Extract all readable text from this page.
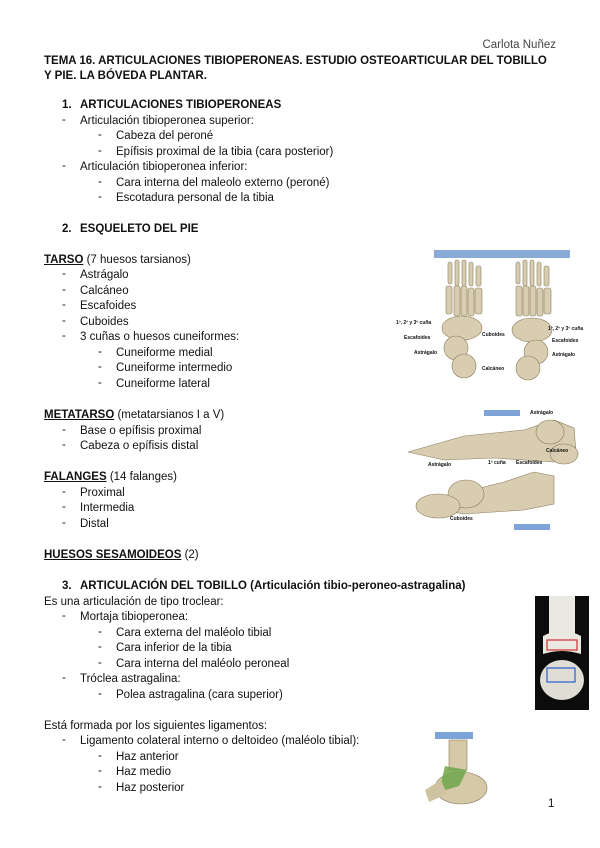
Carlota Nuñez
TEMA 16. ARTICULACIONES TIBIOPERONEAS. ESTUDIO OSTEOARTICULAR DEL TOBILLO
Y PIE. LA BÓVEDA PLANTAR.
1. ARTICULACIONES TIBIOPERONEAS
- Articulación tibioperonea superior:
- Cabeza del peroné
- Epífisis proximal de la tibia (cara posterior)
- Articulación tibioperonea inferior:
- Cara interna del maleolo externo (peroné)
- Escotadura personal de la tibia
2. ESQUELETO DEL PIE
TARSO (7 huesos tarsianos)
- Astrágalo
- Calcáneo
- Escafoides
- Cuboides
- 3 cuñas o huesos cuneiformes:
- Cuneiforme medial
- Cuneiforme intermedio
- Cuneiforme lateral
METATARSO (metatarsianos I a V)
- Base o epífisis proximal
- Cabeza o epífisis distal
FALANGES (14 falanges)
- Proximal
- Intermedia
- Distal
HUESOS SESAMOIDEOS (2)
3. ARTICULACIÓN DEL TOBILLO (Articulación tibio-peroneo-astragalina)
Es una articulación de tipo troclear:
- Mortaja tibioperonea:
- Cara externa del maléolo tibial
- Cara inferior de la tibia
- Cara interna del maléolo peroneal
- Tróclea astragalina:
- Polea astragalina (cara superior)
Está formada por los siguientes ligamentos:
- Ligamento colateral interno o deltoideo (maléolo tibial):
- Haz anterior
- Haz medio
- Haz posterior
1º, 2º y 3º cuña
Escafoides
Astrágalo
Cuboides
Calcáneo
1º, 2º y 3º cuña
Escafoides
Astrágalo
Astrágalo
Astrágalo	1ª cuña Escafoides
Calcáneo
Cuboides
1
